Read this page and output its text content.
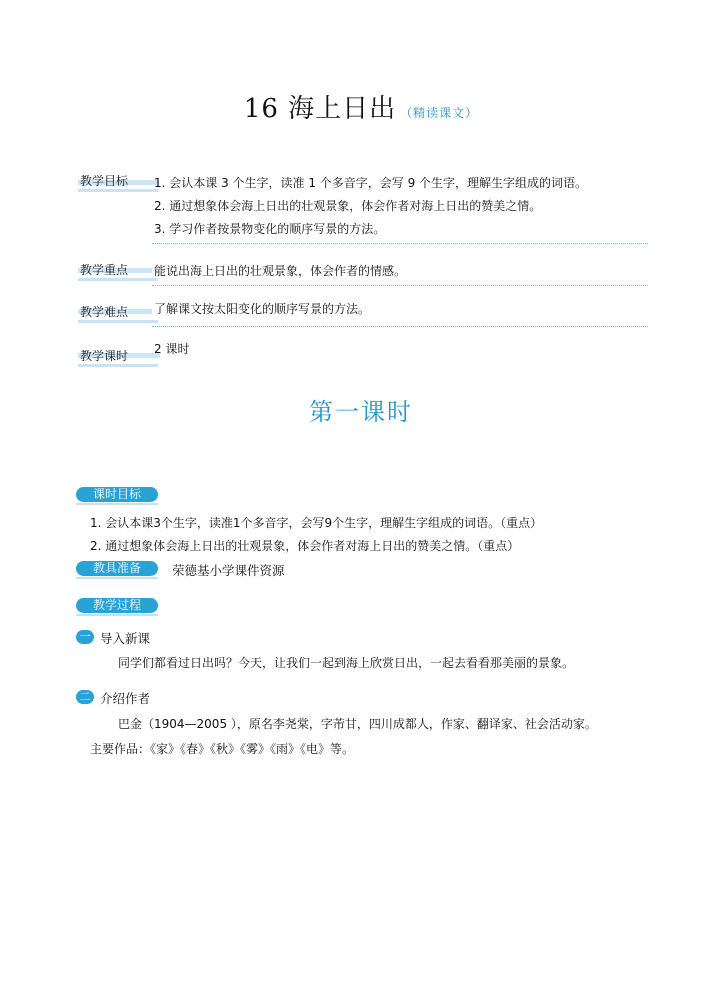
16 海上日出 （精读课文）
教学目标	1. 会认本课 3 个生字，读准 1 个多音字，会写 9 个生字，理解生字组成的词语。
2. 通过想象体会海上日出的壮观景象，体会作者对海上日出的赞美之情。
3. 学习作者按景物变化的顺序写景的方法。
教学重点	能说出海上日出的壮观景象，体会作者的情感。
教学难点	了解课文按太阳变化的顺序写景的方法。
教学课时	2 课时
第一课时
课时目标
1. 会认本课3个生字，读准1个多音字，会写9个生字，理解生字组成的词语。（重点）
2. 通过想象体会海上日出的壮观景象，体会作者对海上日出的赞美之情。（重点）
教具准备	荣德基小学课件资源
教学过程
一 导入新课
同学们都看过日出吗？今天，让我们一起到海上欣赏日出，一起去看看那美丽的景象。
二 介绍作者
巴金（1904—2005 ），原名李尧棠，字芾甘，四川成都人，作家、翻译家、社会活动家。
主要作品：《家》《春》《秋》《雾》《雨》《电》等。
